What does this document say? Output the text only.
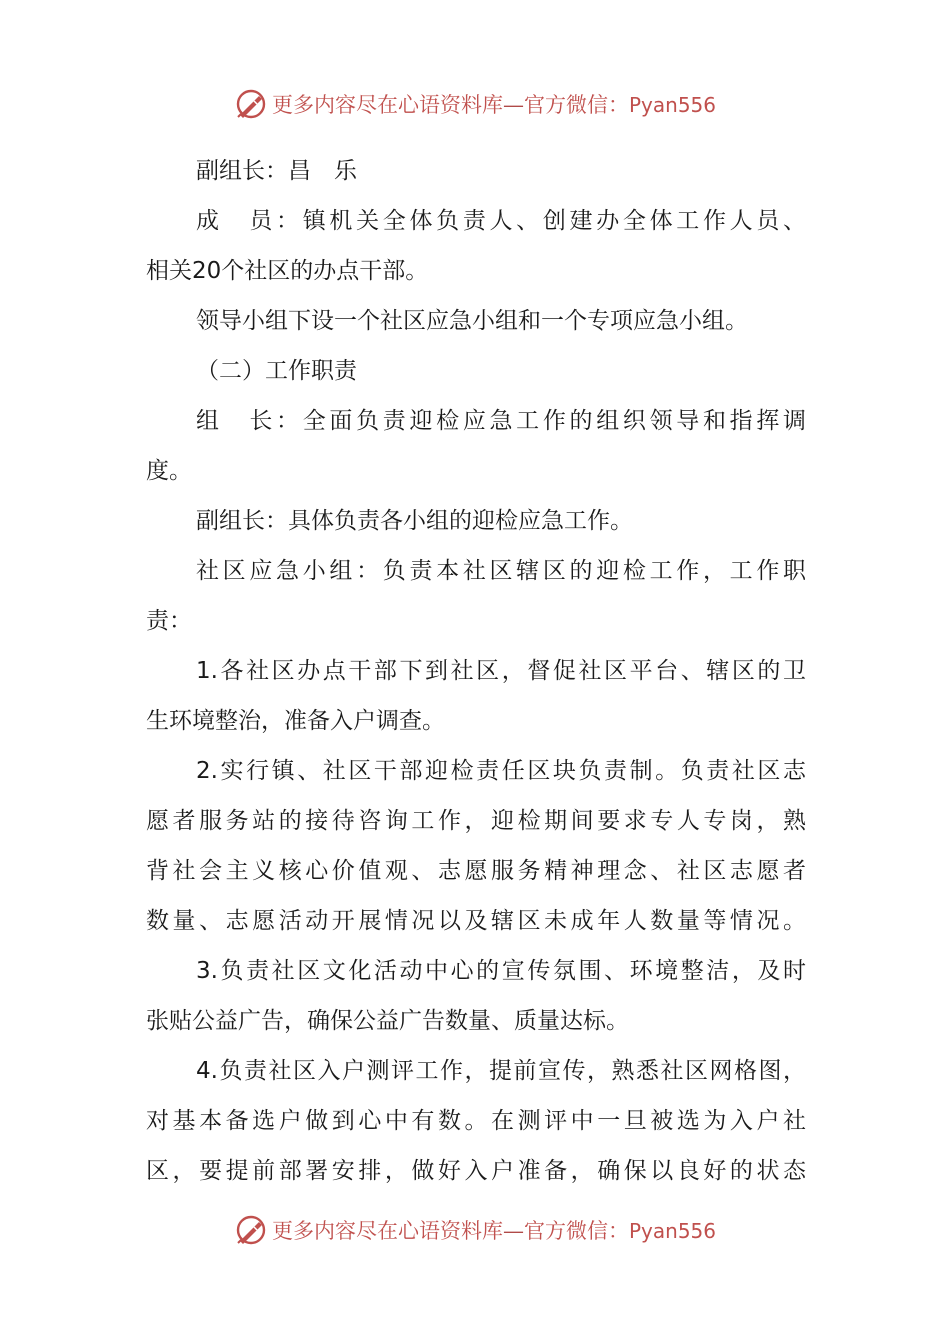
更多内容尽在心语资料库—官方微信：Pyan556
副组长：昌　乐
成　员：镇机关全体负责人、创建办全体工作人员、
相关20个社区的办点干部。
领导小组下设一个社区应急小组和一个专项应急小组。
（二）工作职责
组　长：全面负责迎检应急工作的组织领导和指挥调
度。
副组长：具体负责各小组的迎检应急工作。
社区应急小组：负责本社区辖区的迎检工作，工作职
责：
1.各社区办点干部下到社区，督促社区平台、辖区的卫
生环境整治，准备入户调查。
2.实行镇、社区干部迎检责任区块负责制。负责社区志
愿者服务站的接待咨询工作，迎检期间要求专人专岗，熟
背社会主义核心价值观、志愿服务精神理念、社区志愿者
数量、志愿活动开展情况以及辖区未成年人数量等情况。
3.负责社区文化活动中心的宣传氛围、环境整洁，及时
张贴公益广告，确保公益广告数量、质量达标。
4.负责社区入户测评工作，提前宣传，熟悉社区网格图，
对基本备选户做到心中有数。在测评中一旦被选为入户社
区，要提前部署安排，做好入户准备，确保以良好的状态
更多内容尽在心语资料库—官方微信：Pyan556
